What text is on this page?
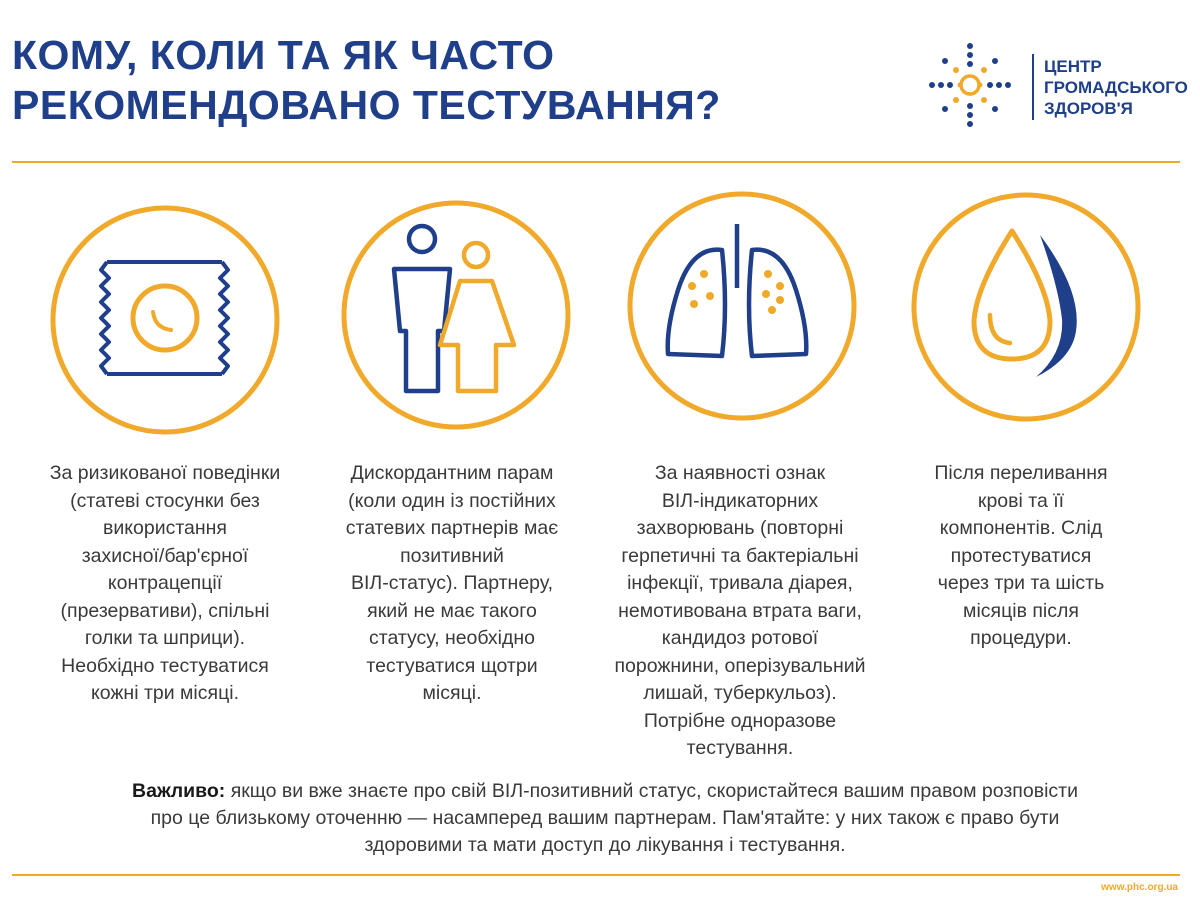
КОМУ, КОЛИ ТА ЯК ЧАСТО
РЕКОМЕНДОВАНО ТЕСТУВАННЯ?
ЦЕНТР
ГРОМАДСЬКОГО
ЗДОРОВ'Я
За ризикованої поведінки
(статеві стосунки без
використання
захисної/бар'єрної
контрацепції
(презервативи), спільні
голки та шприци).
Необхідно тестуватися
кожні три місяці.
Дискордантним парам
(коли один із постійних
статевих партнерів має
позитивний
ВІЛ-статус). Партнеру,
який не має такого
статусу, необхідно
тестуватися щотри
місяці.
За наявності ознак
ВІЛ-індикаторних
захворювань (повторні
герпетичні та бактеріальні
інфекції, тривала діарея,
немотивована втрата ваги,
кандидоз ротової
порожнини, оперізувальний
лишай, туберкульоз).
Потрібне одноразове
тестування.
Після переливання
крові та її
компонентів. Слід
протестуватися
через три та шість
місяців після
процедури.
Важливо: якщо ви вже знаєте про свій ВІЛ-позитивний статус, скористайтеся вашим правом розповісти
про це близькому оточенню — насамперед вашим партнерам. Пам'ятайте: у них також є право бути
здоровими та мати доступ до лікування і тестування.
www.phc.org.ua
